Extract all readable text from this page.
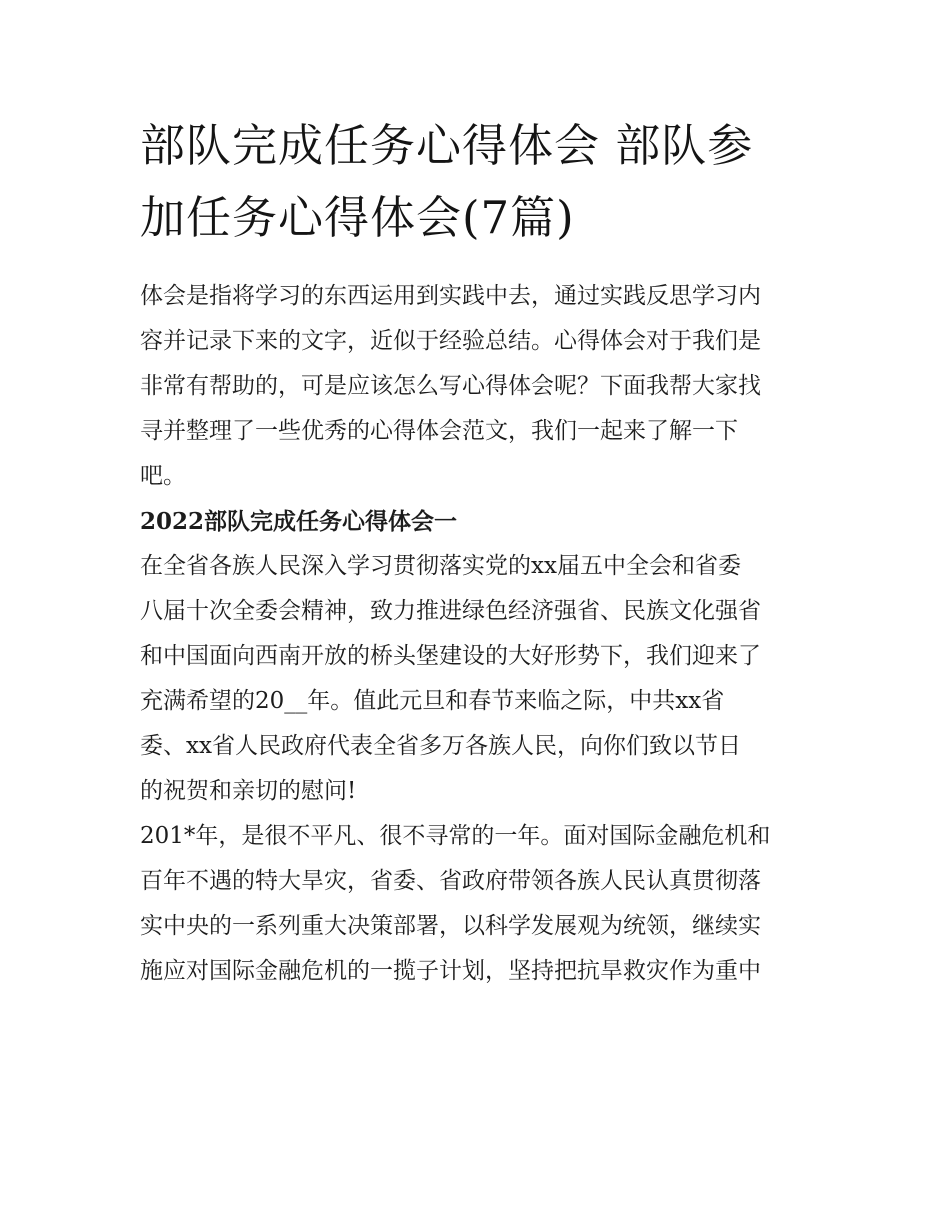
部队完成任务心得体会 部队参
加任务心得体会(7篇)

体会是指将学习的东西运用到实践中去，通过实践反思学习内
容并记录下来的文字，近似于经验总结。心得体会对于我们是
非常有帮助的，可是应该怎么写心得体会呢？下面我帮大家找
寻并整理了一些优秀的心得体会范文，我们一起来了解一下
吧。

2022部队完成任务心得体会一

在全省各族人民深入学习贯彻落实党的xx届五中全会和省委
八届十次全委会精神，致力推进绿色经济强省、民族文化强省
和中国面向西南开放的桥头堡建设的大好形势下，我们迎来了
充满希望的20__年。值此元旦和春节来临之际，中共xx省
委、xx省人民政府代表全省多万各族人民，向你们致以节日
的祝贺和亲切的慰问!

201*年，是很不平凡、很不寻常的一年。面对国际金融危机和
百年不遇的特大旱灾，省委、省政府带领各族人民认真贯彻落
实中央的一系列重大决策部署，以科学发展观为统领，继续实
施应对国际金融危机的一揽子计划，坚持把抗旱救灾作为重中
